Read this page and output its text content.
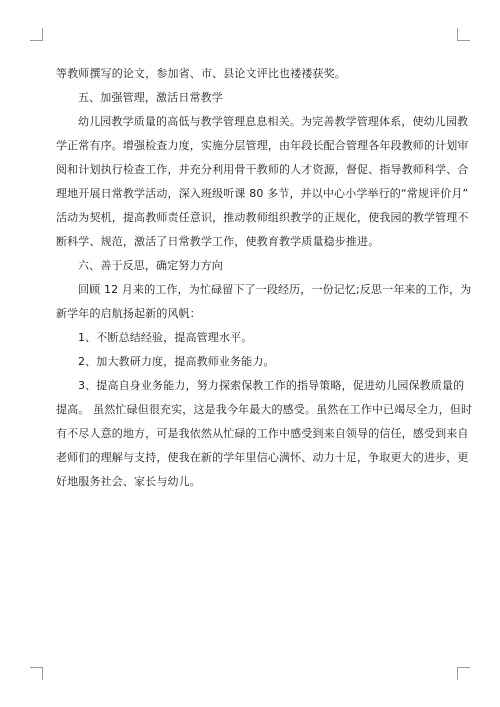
等教师撰写的论文，参加省、市、县论文评比也褛褛获奖。
五、加强管理，激活日常教学
幼儿园教学质量的高低与教学管理息息相关。为完善教学管理体系，使幼儿园教
学正常有序。增强检查力度，实施分层管理，由年段长配合管理各年段教师的计划审
阅和计划执行检查工作，并充分利用骨干教师的人才资源，督促、指导教师科学、合
理地开展日常教学活动，深入班级听课 80 多节，并以中心小学举行的“常规评价月”
活动为契机，提高教师责任意识，推动教师组织教学的正规化，使我园的教学管理不
断科学、规范，激活了日常教学工作，使教育教学质量稳步推进。
六、善于反思，确定努力方向
回顾 12 月来的工作，为忙碌留下了一段经历，一份记忆;反思一年来的工作，为
新学年的启航扬起新的风帆：
1、不断总结经验，提高管理水平。
2、加大教研力度，提高教师业务能力。
3、提高自身业务能力，努力探索保教工作的指导策略，促进幼儿园保教质量的
提高。 虽然忙碌但很充实，这是我今年最大的感受。虽然在工作中已竭尽全力，但时
有不尽人意的地方，可是我依然从忙碌的工作中感受到来自领导的信任，感受到来自
老师们的理解与支持，使我在新的学年里信心满怀、动力十足，争取更大的进步，更
好地服务社会、家长与幼儿。
